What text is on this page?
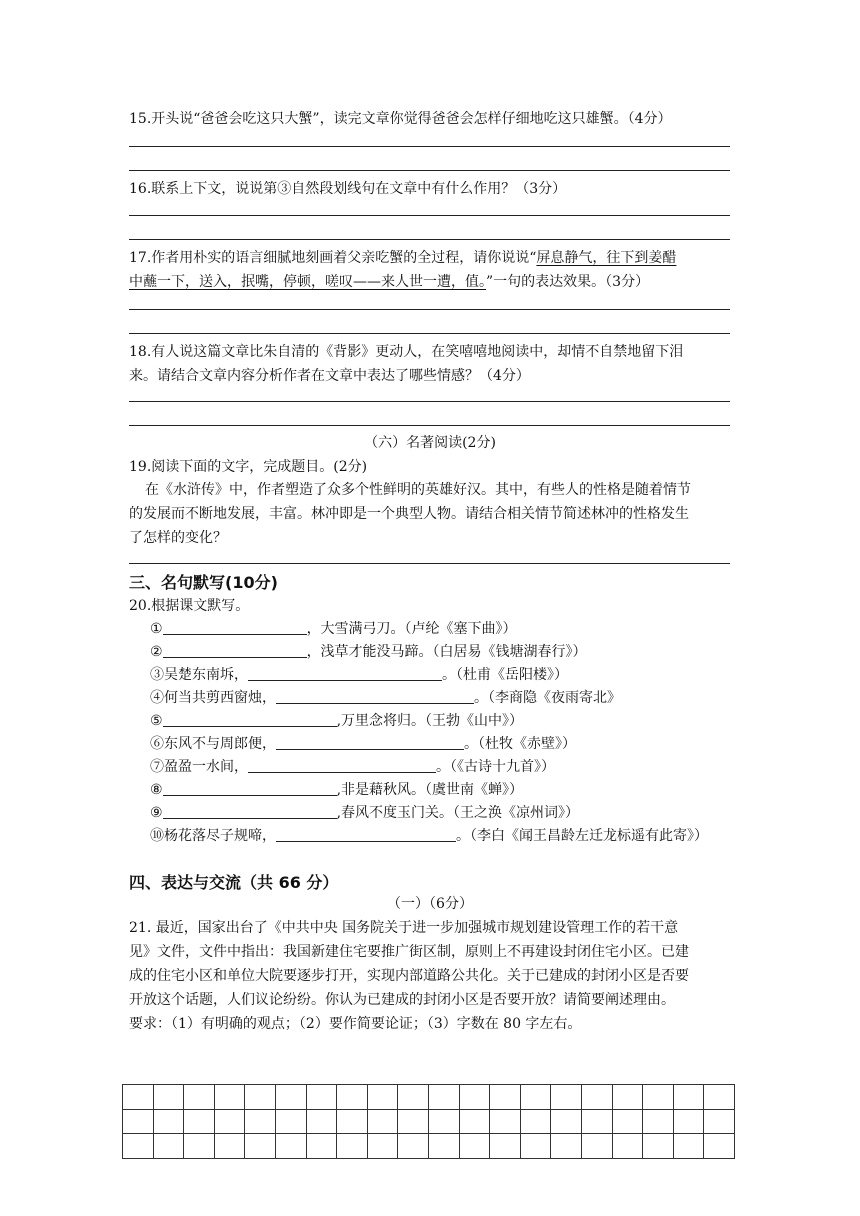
15.开头说“爸爸会吃这只大蟹”，读完文章你觉得爸爸会怎样仔细地吃这只雄蟹。（4分）
16.联系上下文，说说第③自然段划线句在文章中有什么作用？（3分）
17.作者用朴实的语言细腻地刻画着父亲吃蟹的全过程，请你说说“屏息静气，往下到姜醋
中蘸一下，送入，抿嘴，停顿，嗟叹——来人世一遭，值。”一句的表达效果。（3分）
18.有人说这篇文章比朱自清的《背影》更动人，在笑嘻嘻地阅读中，却情不自禁地留下泪
来。请结合文章内容分析作者在文章中表达了哪些情感？（4分）
（六）名著阅读(2分)
19.阅读下面的文字，完成题目。(2分)
在《水浒传》中，作者塑造了众多个性鲜明的英雄好汉。其中，有些人的性格是随着情节
的发展而不断地发展，丰富。林冲即是一个典型人物。请结合相关情节简述林冲的性格发生
了怎样的变化？
三、名句默写(10分)
20.根据课文默写。
①	，大雪满弓刀。（卢纶《塞下曲》）
②	，浅草才能没马蹄。（白居易《钱塘湖春行》）
③吴楚东南坼，	。（杜甫《岳阳楼》）
④何当共剪西窗烛，	。（李商隐《夜雨寄北》
⑤	,万里念将归。（王勃《山中》）
⑥东风不与周郎便，	。（杜牧《赤壁》）
⑦盈盈一水间，	。（《古诗十九首》）
⑧	,非是藉秋风。（虞世南《蝉》）
⑨	,春风不度玉门关。（王之涣《凉州词》）
⑩杨花落尽子规啼，	。（李白《闻王昌龄左迁龙标遥有此寄》）
四、表达与交流（共 66 分）
（一）（6分）
21. 最近，国家出台了《中共中央 国务院关于进一步加强城市规划建设管理工作的若干意
见》文件，文件中指出：我国新建住宅要推广街区制，原则上不再建设封闭住宅小区。已建
成的住宅小区和单位大院要逐步打开，实现内部道路公共化。关于已建成的封闭小区是否要
开放这个话题，人们议论纷纷。你认为已建成的封闭小区是否要开放？请简要阐述理由。
要求：（1）有明确的观点；（2）要作简要论证；（3）字数在 80 字左右。
